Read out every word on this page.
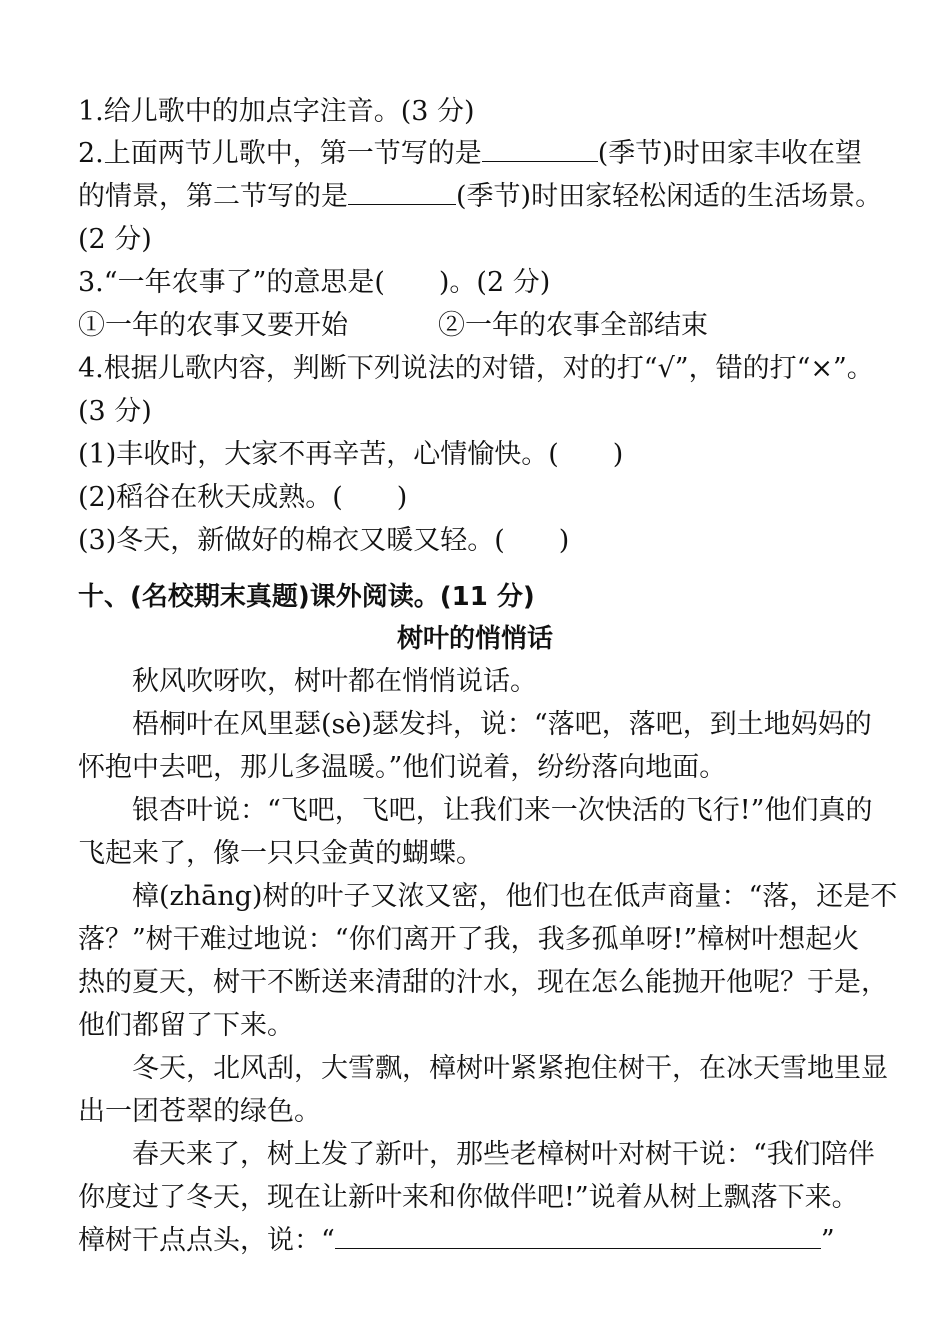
1.给儿歌中的加点字注音。(3 分)
2.上面两节儿歌中，第一节写的是	(季节)时田家丰收在望
的情景，第二节写的是	(季节)时田家轻松闲适的生活场景。
(2 分)
3.“一年农事了”的意思是(　　)。(2 分)
①一年的农事又要开始	②一年的农事全部结束
4.根据儿歌内容，判断下列说法的对错，对的打“√”，错的打“×”。
(3 分)
(1)丰收时，大家不再辛苦，心情愉快。(　　)
(2)稻谷在秋天成熟。(　　)
(3)冬天，新做好的棉衣又暖又轻。(　　)
十、(名校期末真题)课外阅读。(11 分)
树叶的悄悄话
秋风吹呀吹，树叶都在悄悄说话。
梧桐叶在风里瑟(sè)瑟发抖，说：“落吧，落吧，到土地妈妈的
怀抱中去吧，那儿多温暖。”他们说着，纷纷落向地面。
银杏叶说：“飞吧，飞吧，让我们来一次快活的飞行!”他们真的
飞起来了，像一只只金黄的蝴蝶。
樟(zhāng)树的叶子又浓又密，他们也在低声商量：“落，还是不
落？”树干难过地说：“你们离开了我，我多孤单呀!”樟树叶想起火
热的夏天，树干不断送来清甜的汁水，现在怎么能抛开他呢？于是，
他们都留了下来。
冬天，北风刮，大雪飘，樟树叶紧紧抱住树干，在冰天雪地里显
出一团苍翠的绿色。
春天来了，树上发了新叶，那些老樟树叶对树干说：“我们陪伴
你度过了冬天，现在让新叶来和你做伴吧!”说着从树上飘落下来。
樟树干点点头，说：“	”
